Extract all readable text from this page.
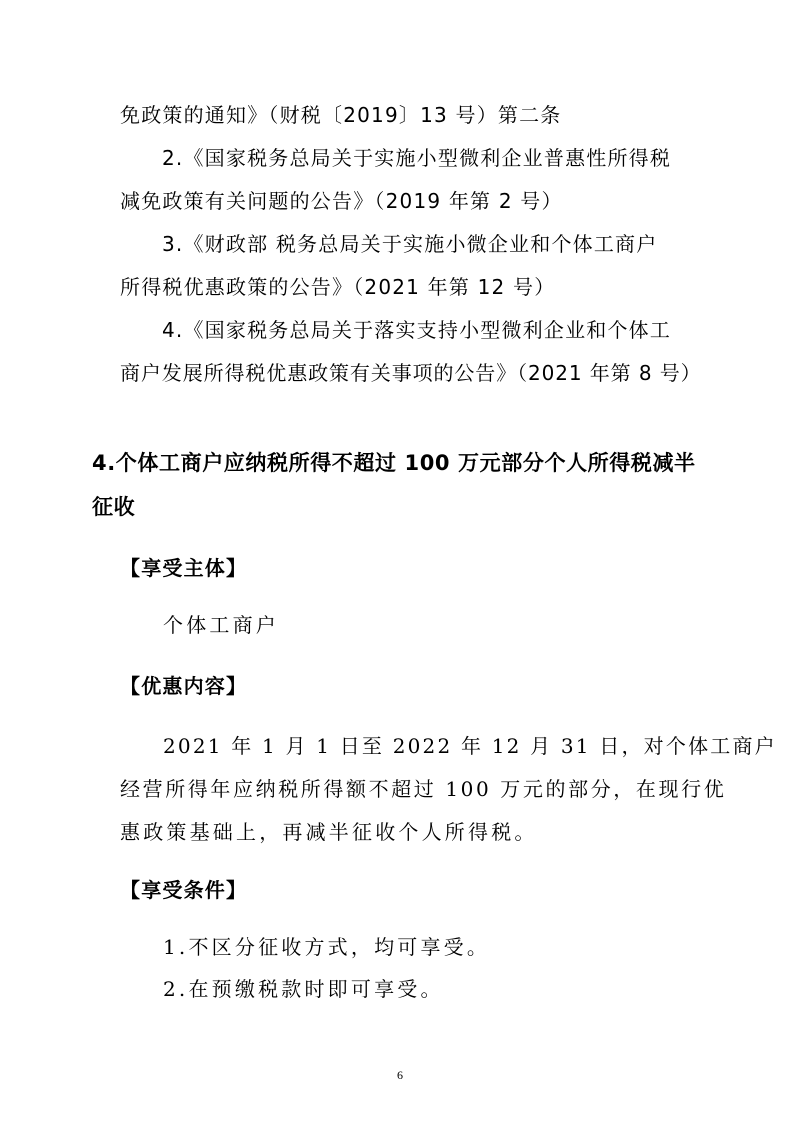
免政策的通知》（财税〔2019〕13 号）第二条
2.《国家税务总局关于实施小型微利企业普惠性所得税
减免政策有关问题的公告》（2019 年第 2 号）
3.《财政部 税务总局关于实施小微企业和个体工商户
所得税优惠政策的公告》（2021 年第 12 号）
4.《国家税务总局关于落实支持小型微利企业和个体工
商户发展所得税优惠政策有关事项的公告》（2021 年第 8 号）
4.个体工商户应纳税所得不超过 100 万元部分个人所得税减半
征收
【享受主体】
个体工商户
【优惠内容】
2021 年 1 月 1 日至 2022 年 12 月 31 日，对个体工商户
经营所得年应纳税所得额不超过 100 万元的部分，在现行优
惠政策基础上，再减半征收个人所得税。
【享受条件】
1.不区分征收方式，均可享受。
2.在预缴税款时即可享受。
6
